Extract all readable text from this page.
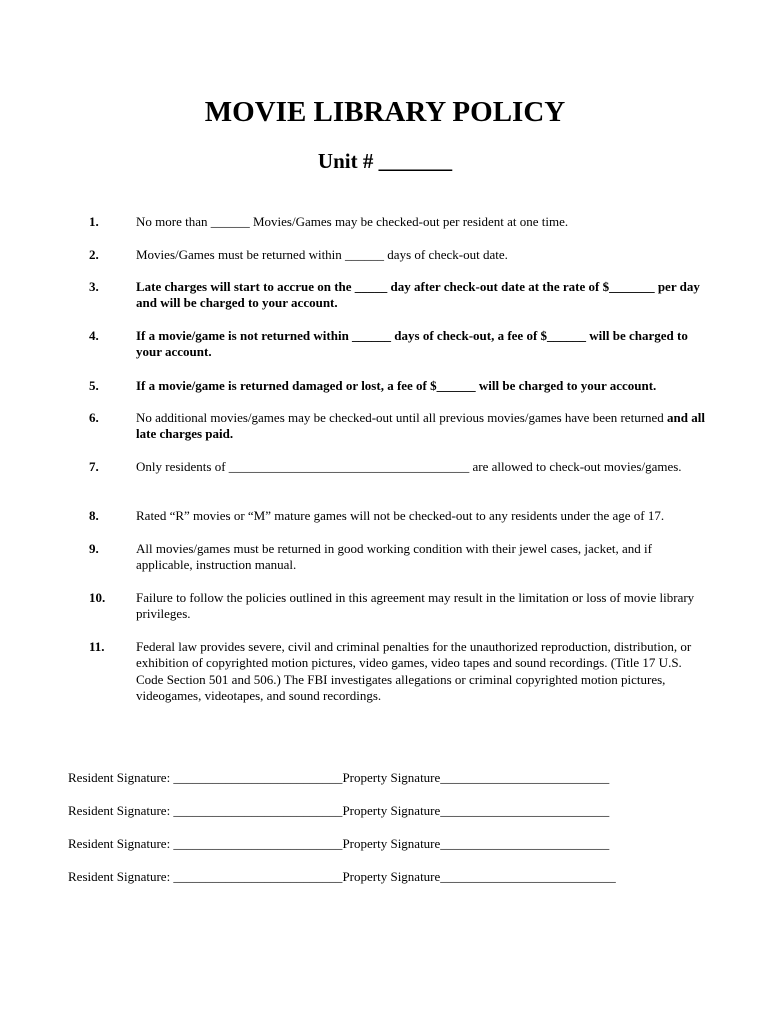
MOVIE LIBRARY POLICY
Unit # _______
1.	No more than ______ Movies/Games may be checked-out per resident at one time.
2.	Movies/Games must be returned within ______ days of check-out date.
3.	Late charges will start to accrue on the _____ day after check-out date at the rate of $_______ per day and will be charged to your account.
4.	If a movie/game is not returned within ______ days of check-out, a fee of $______ will be charged to your account.
5.	If a movie/game is returned damaged or lost, a fee of $______ will be charged to your account.
6.	No additional movies/games may be checked-out until all previous movies/games have been returned and all late charges paid.
7.	Only residents of _____________________________________ are allowed to check-out movies/games.
8.	Rated “R” movies or “M” mature games will not be checked-out to any residents under the age of 17.
9.	All movies/games must be returned in good working condition with their jewel cases, jacket, and if applicable, instruction manual.
10. Failure to follow the policies outlined in this agreement may result in the limitation or loss of movie library privileges.
11. Federal law provides severe, civil and criminal penalties for the unauthorized reproduction, distribution, or exhibition of copyrighted motion pictures, video games, video tapes and sound recordings. (Title 17 U.S. Code Section 501 and 506.) The FBI investigates allegations or criminal copyrighted motion pictures, videogames, videotapes, and sound recordings.
Resident Signature: __________________________Property Signature__________________________
Resident Signature: __________________________Property Signature__________________________
Resident Signature: __________________________Property Signature__________________________
Resident Signature: __________________________Property Signature___________________________
